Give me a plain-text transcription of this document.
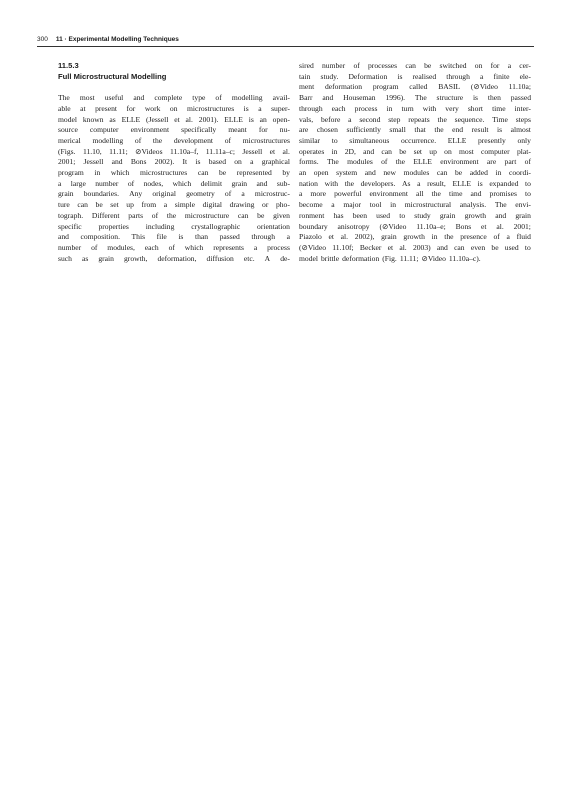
300 11 · Experimental Modelling Techniques
11.5.3
Full Microstructural Modelling
The most useful and complete type of modelling avail-
able at present for work on microstructures is a super-
model known as ELLE (Jessell et al. 2001). ELLE is an open-
source computer environment specifically meant for nu-
merical modelling of the development of microstructures
(Figs. 11.10, 11.11; ⊘Videos 11.10a–f, 11.11a–c; Jessell et al.
2001; Jessell and Bons 2002). It is based on a graphical
program in which microstructures can be represented by
a large number of nodes, which delimit grain and sub-
grain boundaries. Any original geometry of a microstruc-
ture can be set up from a simple digital drawing or pho-
tograph. Different parts of the microstructure can be given
specific properties including crystallographic orientation
and composition. This file is than passed through a
number of modules, each of which represents a process
such as grain growth, deformation, diffusion etc. A de-
sired number of processes can be switched on for a cer-
tain study. Deformation is realised through a finite ele-
ment deformation program called BASIL (⊘Video 11.10a;
Barr and Houseman 1996). The structure is then passed
through each process in turn with very short time inter-
vals, before a second step repeats the sequence. Time steps
are chosen sufficiently small that the end result is almost
similar to simultaneous occurrence. ELLE presently only
operates in 2D, and can be set up on most computer plat-
forms. The modules of the ELLE environment are part of
an open system and new modules can be added in coordi-
nation with the developers. As a result, ELLE is expanded to
a more powerful environment all the time and promises to
become a major tool in microstructural analysis. The envi-
ronment has been used to study grain growth and grain
boundary anisotropy (⊘Video 11.10a–e; Bons et al. 2001;
Piazolo et al. 2002), grain growth in the presence of a fluid
(⊘Video 11.10f; Becker et al. 2003) and can even be used to
model brittle deformation (Fig. 11.11; ⊘Video 11.10a–c).
